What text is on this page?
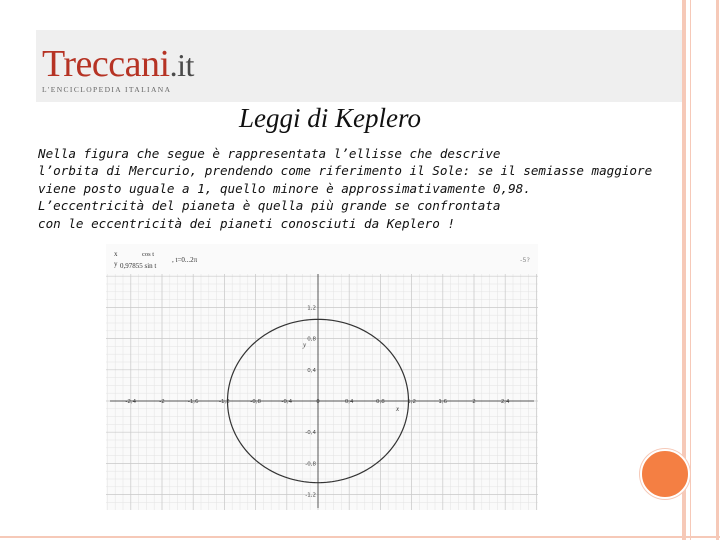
Treccani.it
L'ENCICLOPEDIA ITALIANA
Leggi di Keplero
Nella figura che segue è rappresentata l’ellisse che descrive
l’orbita di Mercurio, prendendo come riferimento il Sole: se il semiasse maggiore
viene posto uguale a 1, quello minore è approssimativamente 0,98.
L’eccentricità del pianeta è quella più grande se confrontata
con le eccentricità dei pianeti conosciuti da Keplero !
-2,4	-2	-1,6	-1,2	-0,8	-0,4	0	0,4	0,8	1,2	1,6	2	2,4
1,2
0,8
0,4
-0,4
-0,8
-1,2
x
y
cos t
0,97855 sin t
, t=0...2π	-5?
x
y
